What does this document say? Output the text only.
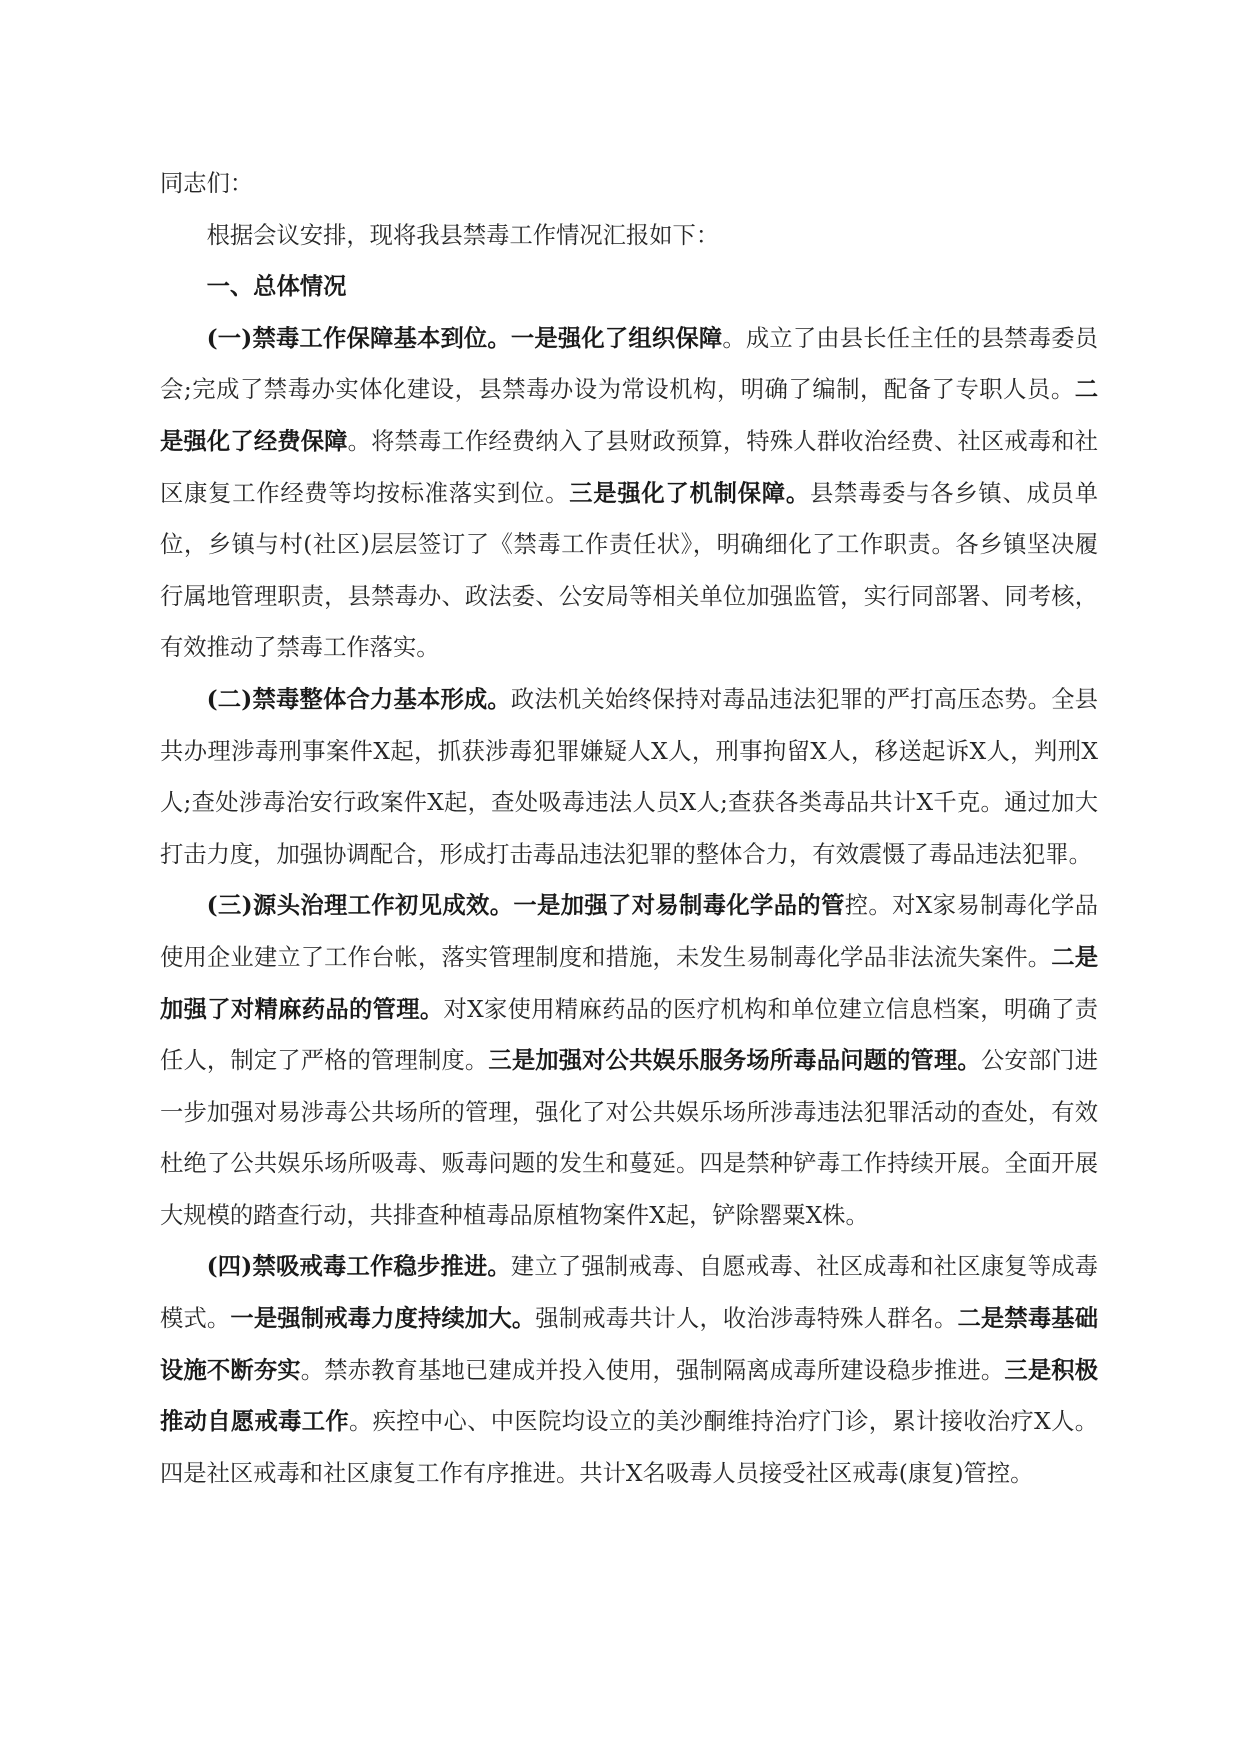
同志们：

根据会议安排，现将我县禁毒工作情况汇报如下：

一、总体情况

(一)禁毒工作保障基本到位。一是强化了组织保障。成立了由县长任主任的县禁毒委员会;完成了禁毒办实体化建设，县禁毒办设为常设机构，明确了编制，配备了专职人员。二是强化了经费保障。将禁毒工作经费纳入了县财政预算，特殊人群收治经费、社区戒毒和社区康复工作经费等均按标准落实到位。三是强化了机制保障。县禁毒委与各乡镇、成员单位，乡镇与村(社区)层层签订了《禁毒工作责任状》，明确细化了工作职责。各乡镇坚决履行属地管理职责，县禁毒办、政法委、公安局等相关单位加强监管，实行同部署、同考核，有效推动了禁毒工作落实。

(二)禁毒整体合力基本形成。政法机关始终保持对毒品违法犯罪的严打高压态势。全县共办理涉毒刑事案件X起，抓获涉毒犯罪嫌疑人X人，刑事拘留X人，移送起诉X人，判刑X人;查处涉毒治安行政案件X起，查处吸毒违法人员X人;查获各类毒品共计X千克。通过加大打击力度，加强协调配合，形成打击毒品违法犯罪的整体合力，有效震慑了毒品违法犯罪。

(三)源头治理工作初见成效。一是加强了对易制毒化学品的管控。对X家易制毒化学品使用企业建立了工作台帐，落实管理制度和措施，未发生易制毒化学品非法流失案件。二是加强了对精麻药品的管理。对X家使用精麻药品的医疗机构和单位建立信息档案，明确了责任人，制定了严格的管理制度。三是加强对公共娱乐服务场所毒品问题的管理。公安部门进一步加强对易涉毒公共场所的管理，强化了对公共娱乐场所涉毒违法犯罪活动的查处，有效杜绝了公共娱乐场所吸毒、贩毒问题的发生和蔓延。四是禁种铲毒工作持续开展。全面开展大规模的踏查行动，共排查种植毒品原植物案件X起，铲除罂粟X株。

(四)禁吸戒毒工作稳步推进。建立了强制戒毒、自愿戒毒、社区成毒和社区康复等成毒模式。一是强制戒毒力度持续加大。强制戒毒共计人，收治涉毒特殊人群名。二是禁毒基础设施不断夯实。禁赤教育基地已建成并投入使用，强制隔离成毒所建设稳步推进。三是积极推动自愿戒毒工作。疾控中心、中医院均设立的美沙酮维持治疗门诊，累计接收治疗X人。四是社区戒毒和社区康复工作有序推进。共计X名吸毒人员接受社区戒毒(康复)管控。
